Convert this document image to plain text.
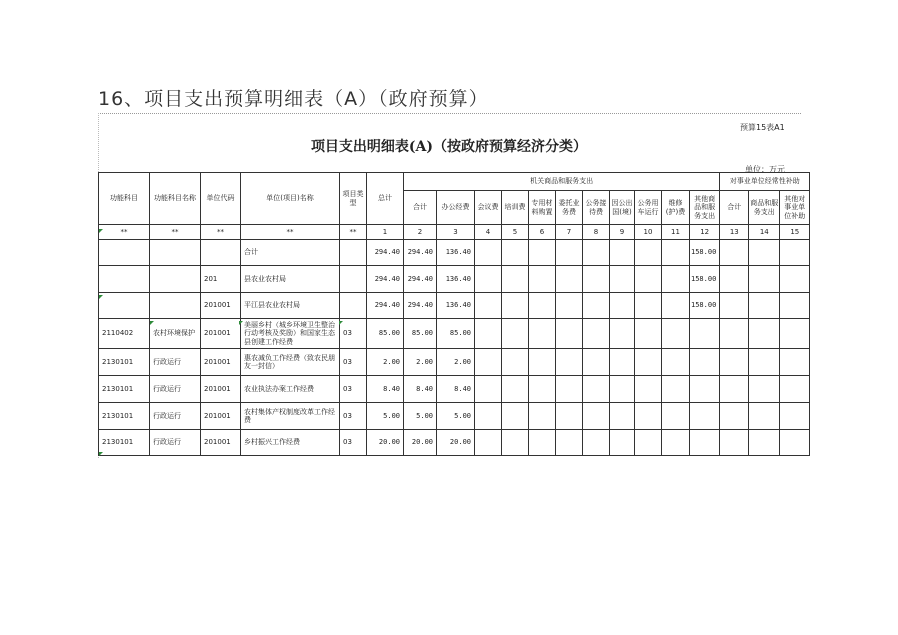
16、项目支出预算明细表（A）（政府预算）
预算15表A1
项目支出明细表(A)（按政府预算经济分类）
单位：万元
功能科目	功能科目名称	单位代码	单位(项目)名称	项目类型	总计	机关商品和服务支出											对事业单位经常性补助		

						合计	办公经费	会议费	培训费	专用材料购置	委托业务费	公务接待费	因公出国(境)	公务用车运行	维修(护)费	其他商品和服务支出	合计	商品和服务支出	其他对事业单位补助
**	**	**	**	**	1	2	3	4	5	6	7	8	9	10	11	12	13	14	15
			合计		294.40	294.40	136.40									158.00			
		201	县农业农村局		294.40	294.40	136.40									158.00			
		201001	平江县农业农村局		294.40	294.40	136.40									158.00			
2110402	农村环境保护	201001	美丽乡村（城乡环境卫生整治行动考核及奖励）和国家生态县创建工作经费	03	85.00	85.00	85.00												
2130101	行政运行	201001	惠农减负工作经费（致农民朋友一封信）	03	2.00	2.00	2.00												
2130101	行政运行	201001	农业执法办案工作经费	03	8.40	8.40	8.40												
2130101	行政运行	201001	农村集体产权制度改革工作经费	03	5.00	5.00	5.00												
2130101	行政运行	201001	乡村振兴工作经费	03	20.00	20.00	20.00												
